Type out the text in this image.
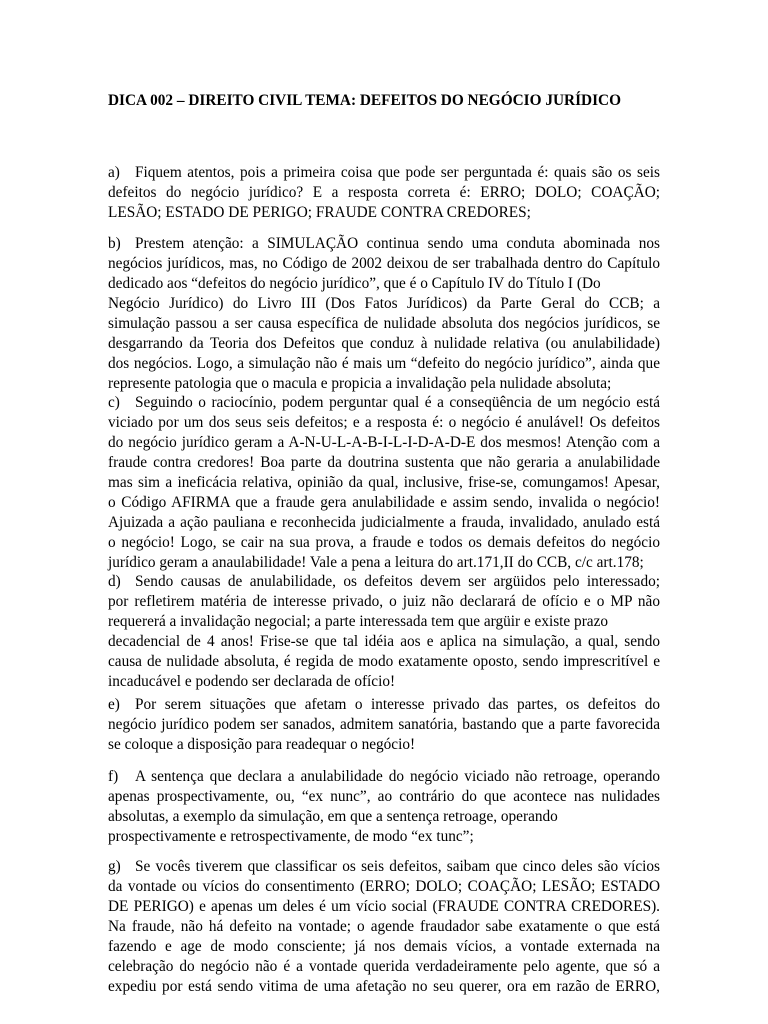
DICA 002 – DIREITO CIVIL TEMA: DEFEITOS DO NEGÓCIO JURÍDICO
a) Fiquem atentos, pois a primeira coisa que pode ser perguntada é: quais são os seis
defeitos do negócio jurídico? E a resposta correta é: ERRO; DOLO; COAÇÃO;
LESÃO; ESTADO DE PERIGO; FRAUDE CONTRA CREDORES;
b) Prestem atenção: a SIMULAÇÃO continua sendo uma conduta abominada nos
negócios jurídicos, mas, no Código de 2002 deixou de ser trabalhada dentro do Capítulo
dedicado aos “defeitos do negócio jurídico”, que é o Capítulo IV do Título I (Do
Negócio Jurídico) do Livro III (Dos Fatos Jurídicos) da Parte Geral do CCB; a
simulação passou a ser causa específica de nulidade absoluta dos negócios jurídicos, se
desgarrando da Teoria dos Defeitos que conduz à nulidade relativa (ou anulabilidade)
dos negócios. Logo, a simulação não é mais um “defeito do negócio jurídico”, ainda que
represente patologia que o macula e propicia a invalidação pela nulidade absoluta;
c) Seguindo o raciocínio, podem perguntar qual é a conseqüência de um negócio está
viciado por um dos seus seis defeitos; e a resposta é: o negócio é anulável! Os defeitos
do negócio jurídico geram a A-N-U-L-A-B-I-L-I-D-A-D-E dos mesmos! Atenção com a
fraude contra credores! Boa parte da doutrina sustenta que não geraria a anulabilidade
mas sim a ineficácia relativa, opinião da qual, inclusive, frise-se, comungamos! Apesar,
o Código AFIRMA que a fraude gera anulabilidade e assim sendo, invalida o negócio!
Ajuizada a ação pauliana e reconhecida judicialmente a frauda, invalidado, anulado está
o negócio! Logo, se cair na sua prova, a fraude e todos os demais defeitos do negócio
jurídico geram a anaulabilidade! Vale a pena a leitura do art.171,II do CCB, c/c art.178;
d) Sendo causas de anulabilidade, os defeitos devem ser argüidos pelo interessado;
por refletirem matéria de interesse privado, o juiz não declarará de ofício e o MP não
requererá a invalidação negocial; a parte interessada tem que argüir e existe prazo
decadencial de 4 anos! Frise-se que tal idéia aos e aplica na simulação, a qual, sendo
causa de nulidade absoluta, é regida de modo exatamente oposto, sendo imprescritível e
incaducável e podendo ser declarada de ofício!
e) Por serem situações que afetam o interesse privado das partes, os defeitos do
negócio jurídico podem ser sanados, admitem sanatória, bastando que a parte favorecida
se coloque a disposição para readequar o negócio!
f) A sentença que declara a anulabilidade do negócio viciado não retroage, operando
apenas prospectivamente, ou, “ex nunc”, ao contrário do que acontece nas nulidades
absolutas, a exemplo da simulação, em que a sentença retroage, operando
prospectivamente e retrospectivamente, de modo “ex tunc”;
g) Se vocês tiverem que classificar os seis defeitos, saibam que cinco deles são vícios
da vontade ou vícios do consentimento (ERRO; DOLO; COAÇÃO; LESÃO; ESTADO
DE PERIGO) e apenas um deles é um vício social (FRAUDE CONTRA CREDORES).
Na fraude, não há defeito na vontade; o agende fraudador sabe exatamente o que está
fazendo e age de modo consciente; já nos demais vícios, a vontade externada na
celebração do negócio não é a vontade querida verdadeiramente pelo agente, que só a
expediu por está sendo vitima de uma afetação no seu querer, ora em razão de ERRO,
